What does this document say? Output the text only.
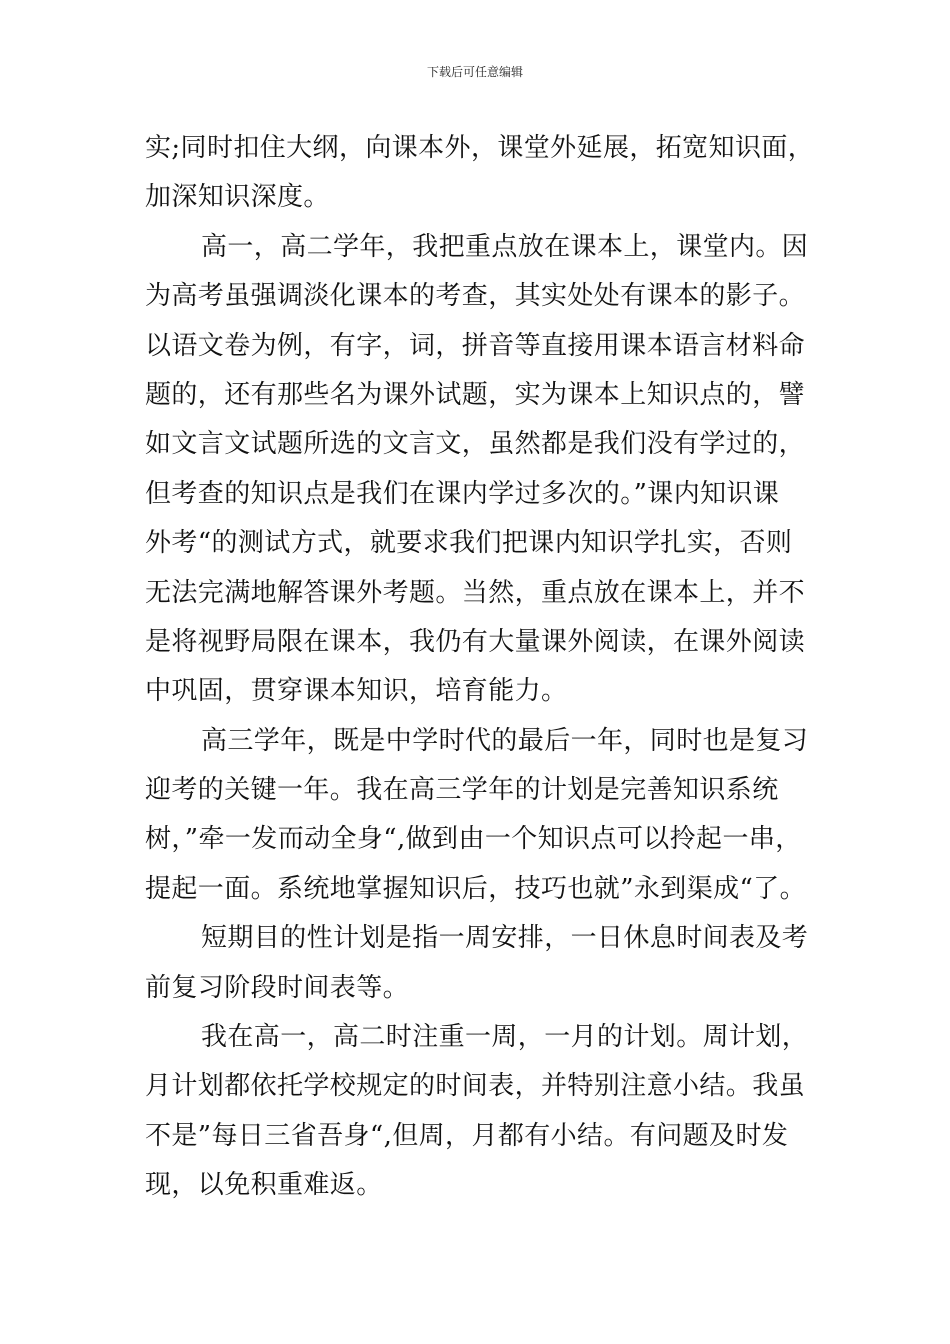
下载后可任意编辑

实;同时扣住大纲，向课本外，课堂外延展，拓宽知识面，
加深知识深度。

高一，高二学年，我把重点放在课本上，课堂内。因
为高考虽强调淡化课本的考查，其实处处有课本的影子。
以语文卷为例，有字，词，拼音等直接用课本语言材料命
题的，还有那些名为课外试题，实为课本上知识点的，譬
如文言文试题所选的文言文，虽然都是我们没有学过的，
但考查的知识点是我们在课内学过多次的。”课内知识课
外考“的测试方式，就要求我们把课内知识学扎实，否则
无法完满地解答课外考题。当然，重点放在课本上，并不
是将视野局限在课本，我仍有大量课外阅读，在课外阅读
中巩固，贯穿课本知识，培育能力。

高三学年，既是中学时代的最后一年，同时也是复习
迎考的关键一年。我在高三学年的计划是完善知识系统
树，”牵一发而动全身“,做到由一个知识点可以拎起一串，
提起一面。系统地掌握知识后，技巧也就”永到渠成“了。

短期目的性计划是指一周安排，一日休息时间表及考
前复习阶段时间表等。

我在高一，高二时注重一周，一月的计划。周计划，
月计划都依托学校规定的时间表，并特别注意小结。我虽
不是”每日三省吾身“,但周，月都有小结。有问题及时发
现，以免积重难返。
